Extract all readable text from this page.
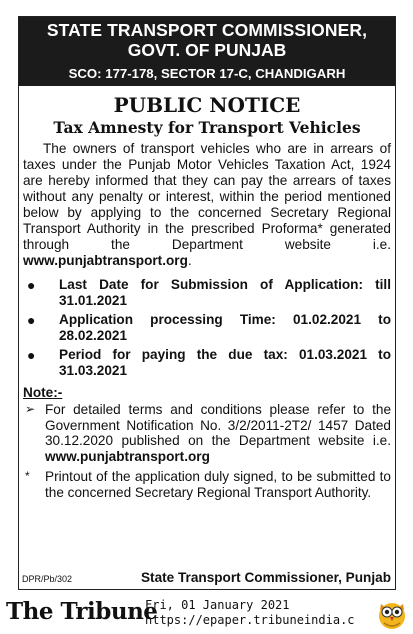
STATE TRANSPORT COMMISSIONER,
GOVT. OF PUNJAB
SCO: 177-178, SECTOR 17-C, CHANDIGARH
PUBLIC NOTICE
Tax Amnesty for Transport Vehicles

The owners of transport vehicles who are in arrears of taxes under the Punjab Motor Vehicles Taxation Act, 1924 are hereby informed that they can pay the arrears of taxes without any penalty or interest, within the period mentioned below by applying to the concerned Secretary Regional Transport Authority in the prescribed Proforma* generated through the Department website i.e. www.punjabtransport.org.

●	Last Date for Submission of Application: till 31.01.2021
●	Application processing Time: 01.02.2021 to 28.02.2021
●	Period for paying the due tax: 01.03.2021 to 31.03.2021
Note:-
➢ For detailed terms and conditions please refer to the Government Notification No. 3/2/2011-2T2/ 1457 Dated 30.12.2020 published on the Department website i.e. www.punjabtransport.org
*	Printout of the application duly signed, to be submitted to the concerned Secretary Regional Transport Authority.
DPR/Pb/302	State Transport Commissioner, Punjab
The Tribune
Fri, 01 January 2021
https://epaper.tribuneindia.c
